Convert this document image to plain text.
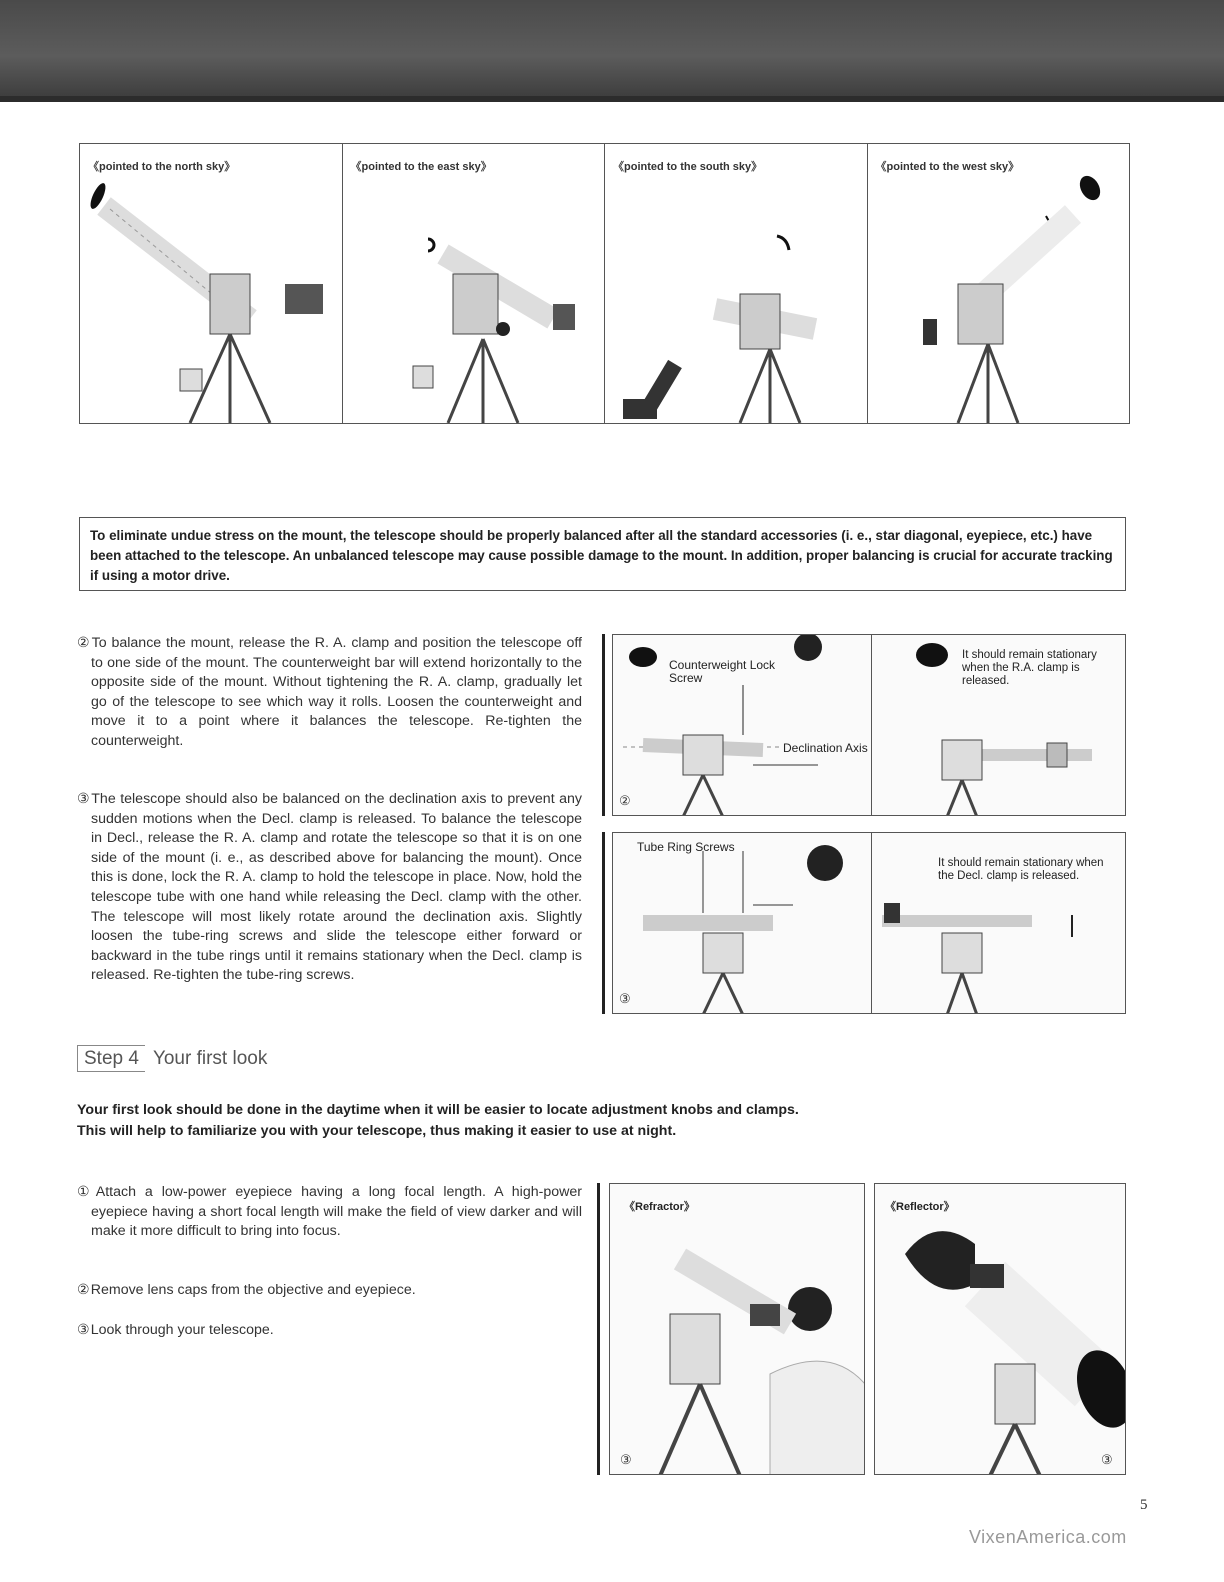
《pointed to the north sky》	《pointed to the east sky》	《pointed to the south sky》	《pointed to the west sky》
To eliminate undue stress on the mount, the telescope should be properly balanced after all the standard accessories (i. e., star diagonal, eyepiece, etc.) have been attached to the telescope. An unbalanced telescope may cause possible damage to the mount. In addition, proper balancing is crucial for accurate tracking if using a motor drive.
②To balance the mount, release the R. A. clamp and position the telescope off to one side of the mount. The counterweight bar will extend horizontally to the opposite side of the mount. Without tightening the R. A. clamp, gradually let go of the telescope to see which way it rolls. Loosen the counterweight and move it to a point where it balances the telescope. Re-tighten the counterweight.
③The telescope should also be balanced on the declination axis to prevent any sudden motions when the Decl. clamp is released. To balance the telescope in Decl., release the R. A. clamp and rotate the telescope so that it is on one side of the mount (i. e., as described above for balancing the mount). Once this is done, lock the R. A. clamp to hold the telescope in place. Now, hold the telescope tube with one hand while releasing the Decl. clamp with the other. The telescope will most likely rotate around the declination axis. Slightly loosen the tube-ring screws and slide the telescope either forward or backward in the tube rings until it remains stationary when the Decl. clamp is released. Re-tighten the tube-ring screws.
Counterweight Lock Screw
Declination Axis
②
It should remain stationary when the R.A. clamp is released.
Tube Ring Screws
③
It should remain stationary when the Decl. clamp is released.
Step 4 Your first look
Your first look should be done in the daytime when it will be easier to locate adjustment knobs and clamps.
This will help to familiarize you with your telescope, thus making it easier to use at night.
①Attach a low-power eyepiece having a long focal length. A high-power eyepiece having a short focal length will make the field of view darker and will make it more difficult to bring into focus.
②Remove lens caps from the objective and eyepiece.
③Look through your telescope.
《Refractor》
③
《Reflector》
③
5
VixenAmerica.com
